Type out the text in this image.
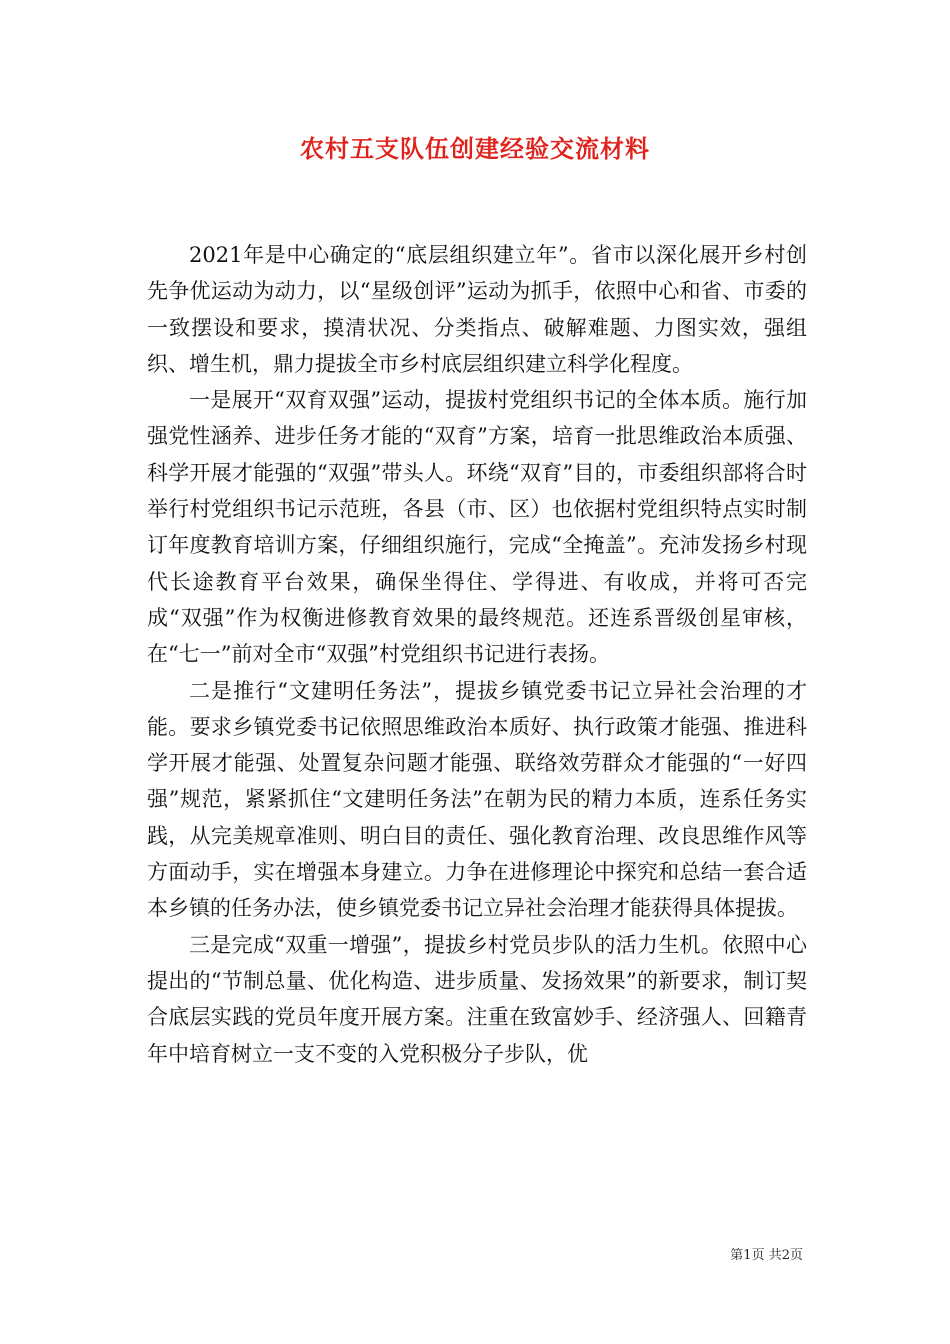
农村五支队伍创建经验交流材料

2021年是中心确定的“底层组织建立年”。省市以深化展开乡村创先争优运动为动力，以“星级创评”运动为抓手，依照中心和省、市委的一致摆设和要求，摸清状况、分类指点、破解难题、力图实效，强组织、增生机，鼎力提拔全市乡村底层组织建立科学化程度。

一是展开“双育双强”运动，提拔村党组织书记的全体本质。施行加强党性涵养、进步任务才能的“双育”方案，培育一批思维政治本质强、科学开展才能强的“双强”带头人。环绕“双育”目的，市委组织部将合时举行村党组织书记示范班，各县（市、区）也依据村党组织特点实时制订年度教育培训方案，仔细组织施行，完成“全掩盖”。充沛发扬乡村现代长途教育平台效果，确保坐得住、学得进、有收成，并将可否完成“双强”作为权衡进修教育效果的最终规范。还连系晋级创星审核，在“七一”前对全市“双强”村党组织书记进行表扬。

二是推行“文建明任务法”，提拔乡镇党委书记立异社会治理的才能。要求乡镇党委书记依照思维政治本质好、执行政策才能强、推进科学开展才能强、处置复杂问题才能强、联络效劳群众才能强的“一好四强”规范，紧紧抓住“文建明任务法”在朝为民的精力本质，连系任务实践，从完美规章准则、明白目的责任、强化教育治理、改良思维作风等方面动手，实在增强本身建立。力争在进修理论中探究和总结一套合适本乡镇的任务办法，使乡镇党委书记立异社会治理才能获得具体提拔。

三是完成“双重一增强”，提拔乡村党员步队的活力生机。依照中心提出的“节制总量、优化构造、进步质量、发扬效果”的新要求，制订契合底层实践的党员年度开展方案。注重在致富妙手、经济强人、回籍青年中培育树立一支不变的入党积极分子步队，优

第1页 共2页
